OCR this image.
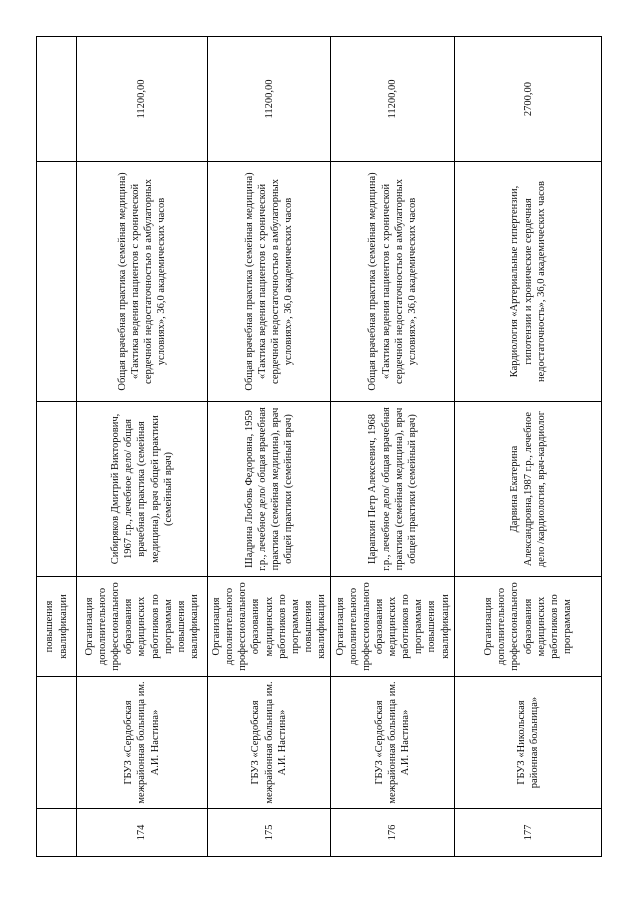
		повышения квалификации			
174	ГБУЗ «Сердобская межрайонная больница им. А.И. Настина»	Организация дополнительного профессионального образования медицинских работников по программам повышения квалификации	Сибиряков Дмитрий Викторович, 1967 г.р., лечебное дело/ общая врачебная практика (семейная медицина), врач общей практики (семейный врач)	Общая врачебная практика (семейная медицина) «Тактика ведения пациентов с хронической сердечной недостаточностью в амбулаторных условиях», 36,0 академических часов	11200,00
175	ГБУЗ «Сердобская межрайонная больница им. А.И. Настина»	Организация дополнительного профессионального образования медицинских работников по программам повышения квалификации	Шадрина Любовь Федоровна, 1959 г.р., лечебное дело/ общая врачебная практика (семейная медицина), врач общей практики (семейный врач)	Общая врачебная практика (семейная медицина) «Тактика ведения пациентов с хронической сердечной недостаточностью в амбулаторных условиях», 36,0 академических часов	11200,00
176	ГБУЗ «Сердобская межрайонная больница им. А.И. Настина»	Организация дополнительного профессионального образования медицинских работников по программам повышения квалификации	Царапкин Петр Алексеевич, 1968 г.р., лечебное дело/ общая врачебная практика (семейная медицина), врач общей практики (семейный врач)	Общая врачебная практика (семейная медицина) «Тактика ведения пациентов с хронической сердечной недостаточностью в амбулаторных условиях», 36,0 академических часов	11200,00
177	ГБУЗ «Никольская районная больница»	Организация дополнительного профессионального образования медицинских работников по программам	Дарвина Екатерина Александровна,1987 г.р., лечебное дело /кардиология, врач-кардиолог	Кардиология «Артериальные гипертензии, гипотензии и хронические сердечная недостаточность», 36,0 академических часов	2700,00
